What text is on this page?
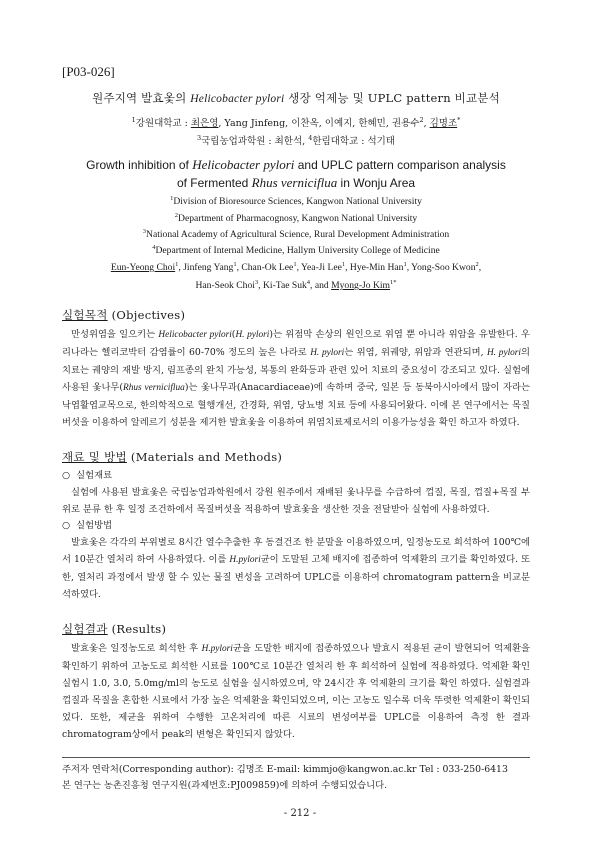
[P03-026]
원주지역 발효옻의 Helicobacter pylori 생장 억제능 및 UPLC pattern 비교분석
$^1$강원대학교 : 최은영, Yang Jinfeng, 이찬옥, 이예지, 한혜민, 권용수$^2$, 김명조*
$^3$국립농업과학원 : 최한석, $^4$한림대학교 : 석기태
Growth inhibition of Helicobacter pylori and UPLC pattern comparison analysis
of Fermented Rhus verniciflua in Wonju Area
$^1$Division of Bioresource Sciences, Kangwon National University
$^2$Department of Pharmacognosy, Kangwon National University
$^3$National Academy of Agricultural Science, Rural Development Administration
$^4$Department of Internal Medicine, Hallym University College of Medicine
Eun-Yeong Choi$^1$, Jinfeng Yang$^1$, Chan-Ok Lee$^1$, Yea-Ji Lee$^1$, Hye-Min Han$^1$, Yong-Soo Kwon$^2$,
Han-Seok Choi$^3$, Ki-Tae Suk$^4$, and Myong-Jo Kim$^{1*}$
실험목적 (Objectives)

만성위염을 일으키는 Helicobacter pylori(H. pylori)는 위점막 손상의 원인으로 위염 뿐 아니라 위암을 유발한다. 우리나라는 헬리코박터 감염률이 60-70% 정도의 높은 나라로 H. pylori는 위염, 위궤양, 위암과 연관되며, H. pylori의 치료는 궤양의 재발 방지, 림프종의 완치 가능성, 복통의 완화등과 관련 있어 치료의 중요성이 강조되고 있다. 실험에 사용된 옻나무(Rhus verniciflua)는 옻나무과(Anacardiaceae)에 속하며 중국, 일본 등 동북아시아에서 많이 자라는 낙엽활엽교목으로, 한의학적으로 혈행개선, 간경화, 위염, 당뇨병 치료 등에 사용되어왔다. 이에 본 연구에서는 목질버섯을 이용하여 알레르기 성분을 제거한 발효옻을 이용하여 위염치료제로서의 이용가능성을 확인 하고자 하였다.

재료 및 방법 (Materials and Methods)
○ 실험재료

실험에 사용된 발효옻은 국립농업과학원에서 강원 원주에서 재배된 옻나무를 수급하여 껍질, 목질, 껍질+목질 부위로 분류 한 후 일정 조건하에서 목질버섯을 적용하여 발효옻을 생산한 것을 전달받아 실험에 사용하였다.

○ 실험방법

발효옻은 각각의 부위별로 8시간 열수추출한 후 동결건조 한 분말을 이용하였으며, 일정농도로 희석하여 100℃에서 10분간 열처리 하여 사용하였다. 이를 H.pylori균이 도말된 고체 배지에 접종하여 억제환의 크기를 확인하였다. 또한, 열처리 과정에서 발생 할 수 있는 물질 변성을 고려하여 UPLC를 이용하여 chromatogram pattern을 비교분석하였다.

실험결과 (Results)

발효옻은 일정농도로 희석한 후 H.pylori균을 도말한 배지에 접종하였으나 발효시 적용된 균이 발현되어 억제환을 확인하기 위하여 고농도로 희석한 시료를 100℃로 10분간 열처리 한 후 희석하여 실험에 적용하였다. 억제환 확인 실험시 1.0, 3.0, 5.0mg/ml의 농도로 실험을 실시하였으며, 약 24시간 후 억제환의 크기를 확인 하였다. 실험결과 껍질과 목질을 혼합한 시료에서 가장 높은 억제환을 확인되었으며, 이는 고농도 일수록 더욱 뚜렷한 억제환이 확인되었다. 또한, 제균을 위하여 수행한 고온처리에 따른 시료의 변성여부를 UPLC를 이용하여 측정 한 결과 chromatogram상에서 peak의 변형은 확인되지 않았다.

주저자 연락처(Corresponding author): 김명조 E-mail: kimmjo@kangwon.ac.kr Tel : 033-250-6413
본 연구는 농촌진흥청 연구지원(과제번호:PJ009859)에 의하여 수행되었습니다.
- 212 -
